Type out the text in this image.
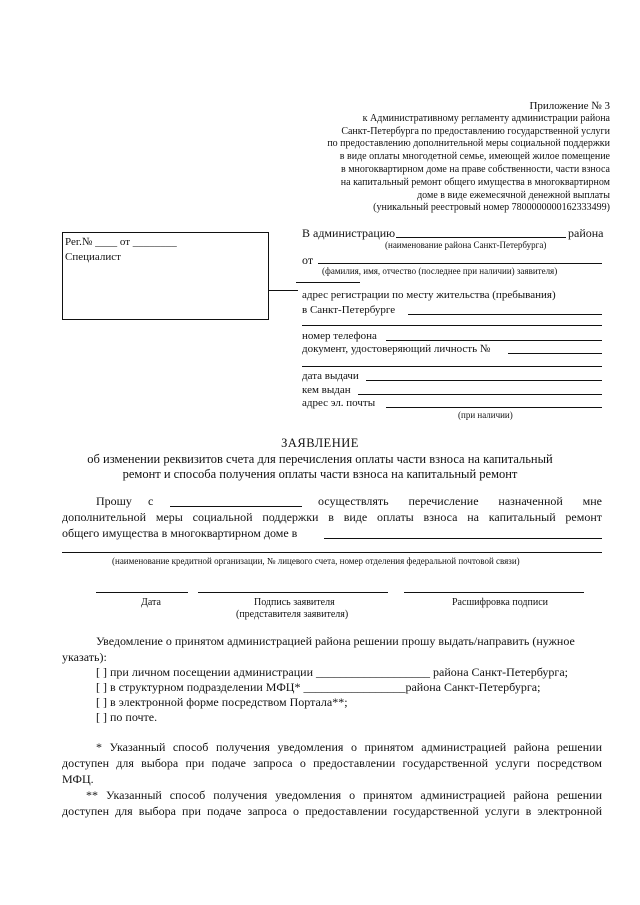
Приложение № 3
к Административному регламенту администрации района
Санкт-Петербурга по предоставлению государственной услуги
по предоставлению дополнительной меры социальной поддержки
в виде оплаты многодетной семье, имеющей жилое помещение
в многоквартирном доме на праве собственности, части взноса
на капитальный ремонт общего имущества в многоквартирном
доме в виде ежемесячной денежной выплаты
(уникальный реестровый номер 7800000000162333499)
Рег.№ ____ от ________
Специалист
В администрацию	района
(наименование района Санкт-Петербурга)
от
(фамилия, имя, отчество (последнее при наличии) заявителя)
адрес регистрации по месту жительства (пребывания)
в Санкт-Петербурге
номер телефона
документ, удостоверяющий личность №
дата выдачи
кем выдан
адрес эл. почты
(при наличии)
ЗАЯВЛЕНИЕ
об изменении реквизитов счета для перечисления оплаты части взноса на капитальный
ремонт и способа получения оплаты части взноса на капитальный ремонт
Прошу с	осуществлять перечисление назначенной мне
дополнительной меры социальной поддержки в виде оплаты взноса на капитальный ремонт
общего имущества в многоквартирном доме в
(наименование кредитной организации, № лицевого счета, номер отделения федеральной почтовой связи)
Дата	Подпись заявителя
(представителя заявителя)
Расшифровка подписи
Уведомление о принятом администрацией района решении прошу выдать/направить (нужное
указать):
[ ] при личном посещении администрации ___________________ района Санкт-Петербурга;
[ ] в структурном подразделении МФЦ* _________________района Санкт-Петербурга;
[ ] в электронной форме посредством Портала**;
[ ] по почте.
* Указанный способ получения уведомления о принятом администрацией района решении
доступен для выбора при подаче запроса о предоставлении государственной услуги посредством
МФЦ.
** Указанный способ получения уведомления о принятом администрацией района решении
доступен для выбора при подаче запроса о предоставлении государственной услуги в электронной
